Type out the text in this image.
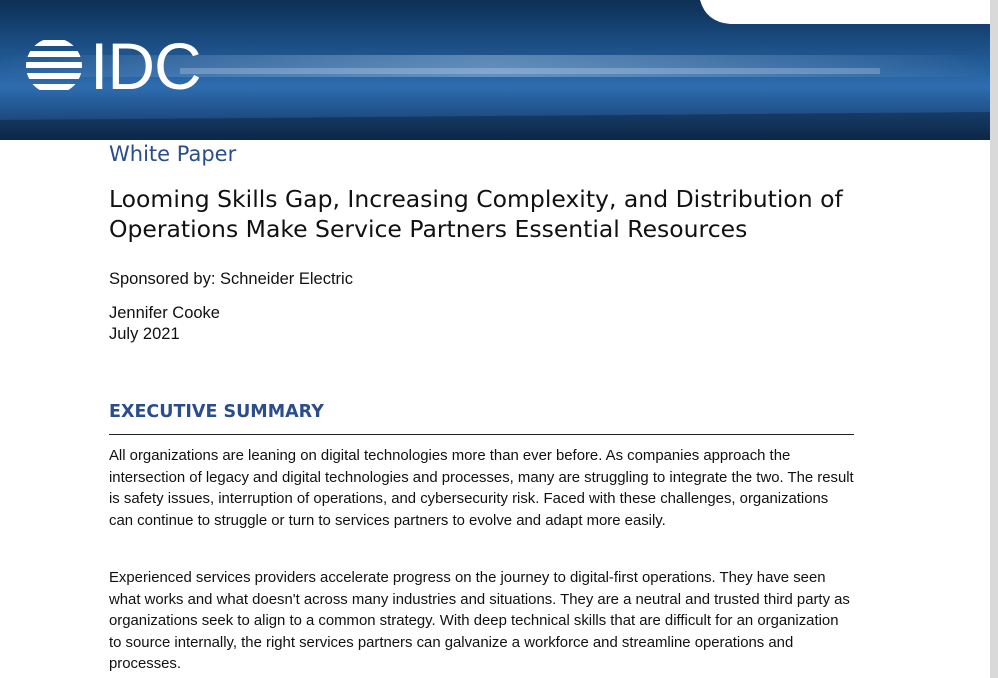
IDC
White Paper
Looming Skills Gap, Increasing Complexity, and Distribution of Operations Make Service Partners Essential Resources
Sponsored by: Schneider Electric
Jennifer Cooke
July 2021
EXECUTIVE SUMMARY

All organizations are leaning on digital technologies more than ever before. As companies approach the intersection of legacy and digital technologies and processes, many are struggling to integrate the two. The result is safety issues, interruption of operations, and cybersecurity risk. Faced with these challenges, organizations can continue to struggle or turn to services partners to evolve and adapt more easily.

Experienced services providers accelerate progress on the journey to digital-first operations. They have seen what works and what doesn't across many industries and situations. They are a neutral and trusted third party as organizations seek to align to a common strategy. With deep technical skills that are difficult for an organization to source internally, the right services partners can galvanize a workforce and streamline operations and processes.
